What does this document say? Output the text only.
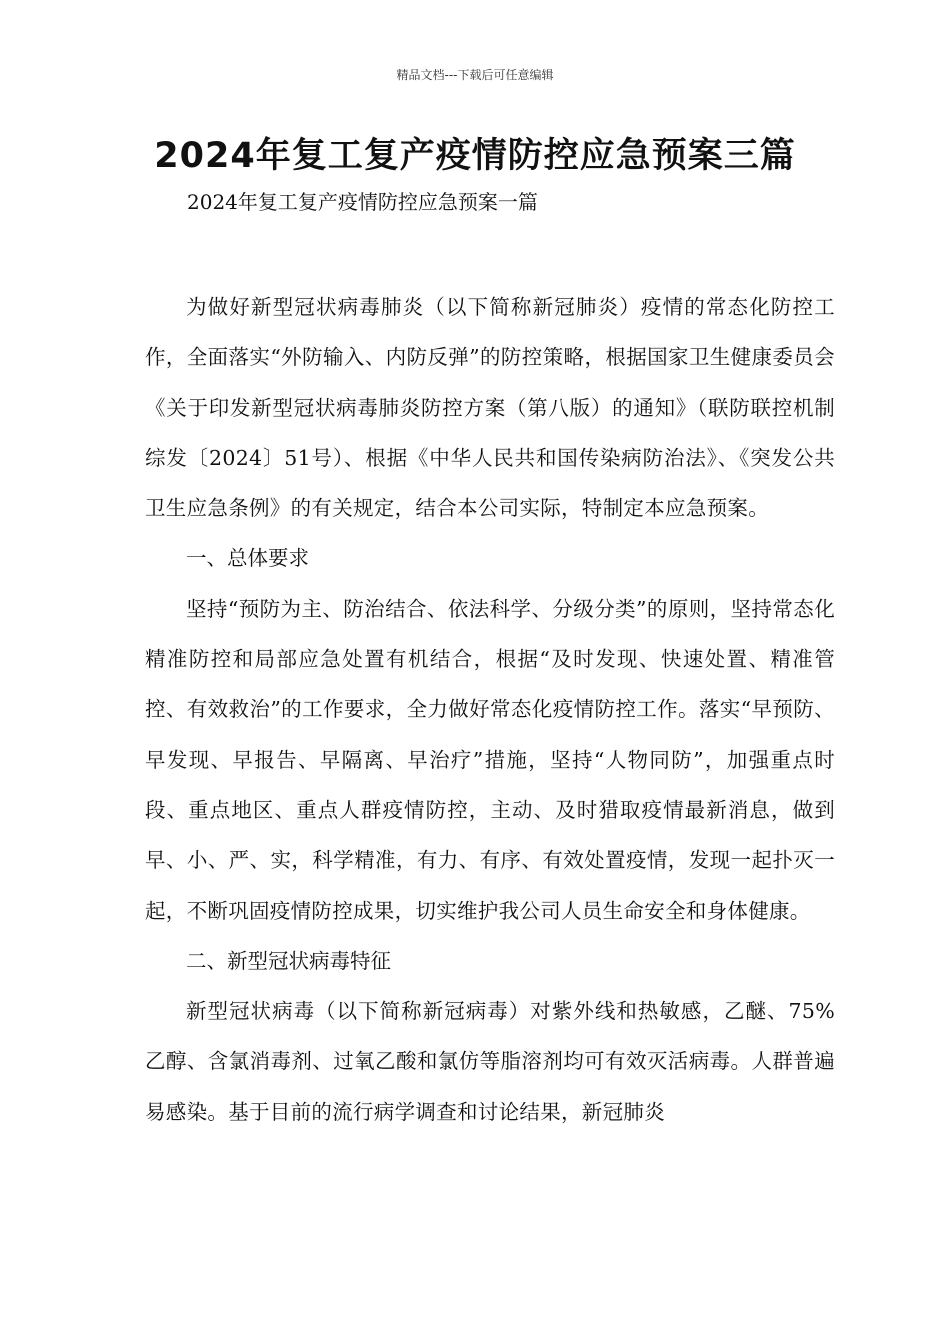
精品文档---下载后可任意编辑
2024年复工复产疫情防控应急预案三篇
2024年复工复产疫情防控应急预案一篇

为做好新型冠状病毒肺炎（以下简称新冠肺炎）疫情的常态化防控工作，全面落实“外防输入、内防反弹”的防控策略，根据国家卫生健康委员会《关于印发新型冠状病毒肺炎防控方案（第八版）的通知》（联防联控机制综发〔2024〕51号）、根据《中华人民共和国传染病防治法》、《突发公共卫生应急条例》的有关规定，结合本公司实际，特制定本应急预案。

一、总体要求

坚持“预防为主、防治结合、依法科学、分级分类”的原则，坚持常态化精准防控和局部应急处置有机结合，根据“及时发现、快速处置、精准管控、有效救治”的工作要求，全力做好常态化疫情防控工作。落实“早预防、早发现、早报告、早隔离、早治疗”措施，坚持“人物同防”，加强重点时段、重点地区、重点人群疫情防控，主动、及时猎取疫情最新消息，做到早、小、严、实，科学精准，有力、有序、有效处置疫情，发现一起扑灭一起，不断巩固疫情防控成果，切实维护我公司人员生命安全和身体健康。

二、新型冠状病毒特征

新型冠状病毒（以下简称新冠病毒）对紫外线和热敏感，乙醚、75%乙醇、含氯消毒剂、过氧乙酸和氯仿等脂溶剂均可有效灭活病毒。人群普遍易感染。基于目前的流行病学调查和讨论结果，新冠肺炎
